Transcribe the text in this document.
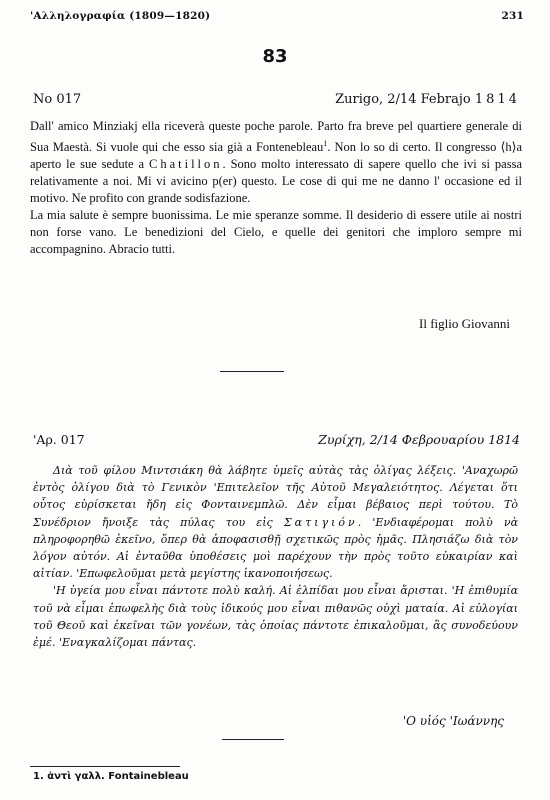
'Αλληλογραφία (1809—1820)	231
83
No 017	Zurigo, 2/14 Febrajo 1814

Dall' amico Minziakj ella riceverà queste poche parole. Parto fra breve pel quartiere generale di Sua Maestà. Si vuole qui che esso sia già a Fontenebleau$^1$. Non lo so di certo. Il congresso ⟨h⟩a aperto le sue sedute a Chatillon. Sono molto interessato di sapere quello che ivi si passa relativamente a noi. Mi vi avicino p(er) questo. Le cose di qui me ne danno l' occasione ed il motivo. Ne profito con grande sodisfazione.

La mia salute è sempre buonissima. Le mie speranze somme. Il desiderio di essere utile ai nostri non forse vano. Le benedizioni del Cielo, e quelle dei genitori che imploro sempre mi accompagnino. Abracio tutti.

Il figlio Giovanni
'Aρ. 017	Ζυρίχη, 2/14 Φεβρουαρίου 1814

Διὰ τοῦ φίλου Μιντσιάκη θὰ λάβητε ὑμεῖς αὐτὰς τὰς ὀλίγας λέξεις. 'Αναχωρῶ ἐντὸς ὀλίγου διὰ τὸ Γενικὸν 'Επιτελεῖον τῆς Αὐτοῦ Μεγαλειότητος. Λέγεται ὅτι οὗτος εὑρίσκεται ἤδη εἰς Φονταινεμπλῶ. Δὲν εἶμαι βέβαιος περὶ τούτου. Τὸ Συνέδριον ἤνοιξε τὰς πύλας του εἰς Σατιγιόν. 'Ενδιαφέρομαι πολὺ νὰ πληροφορηθῶ ἐκεῖνο, ὅπερ θὰ ἀποφασισθῇ σχετικῶς πρὸς ἡμᾶς. Πλησιάζω διὰ τὸν λόγον αὐτόν. Αἱ ἐνταῦθα ὑποθέσεις μοὶ παρέχουν τὴν πρὸς τοῦτο εὐκαιρίαν καὶ αἰτίαν. 'Επωφελοῦμαι μετὰ μεγίστης ἱκανοποιήσεως.

'Η ὑγεία μου εἶναι πάντοτε πολὺ καλή. Αἱ ἐλπίδαι μου εἶναι ἄρισται. 'Η ἐπιθυμία τοῦ νὰ εἶμαι ἐπωφελὴς διὰ τοὺς ἰδικούς μου εἶναι πιθανῶς οὐχὶ ματαία. Αἱ εὐλογίαι τοῦ Θεοῦ καὶ ἐκεῖναι τῶν γονέων, τὰς ὁποίας πάντοτε ἐπικαλοῦμαι, ἂς συνοδεύουν ἐμέ. 'Εναγκαλίζομαι πάντας.

'Ο υἱός 'Ιωάννης
1. ἀντὶ γαλλ. Fontainebleau
